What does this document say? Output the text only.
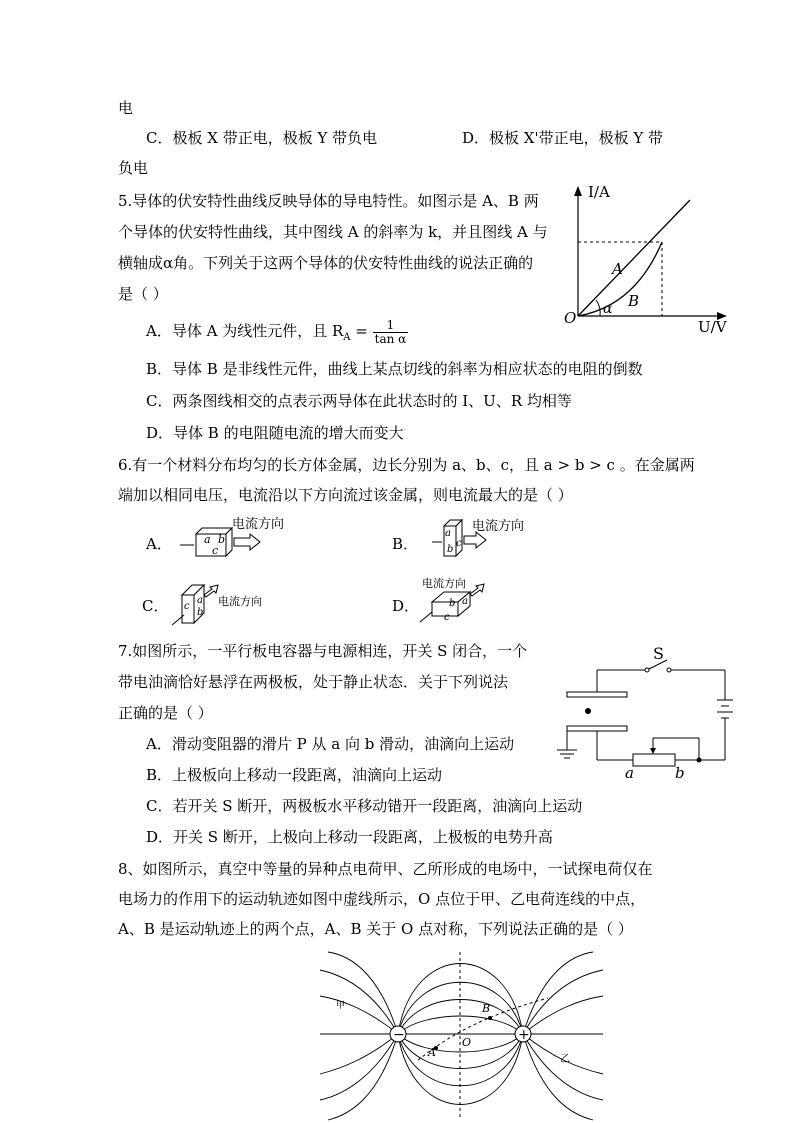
电
C．极板 X 带正电，极板 Y 带负电	D．极板 X'带正电，极板 Y 带
负电
5.导体的伏安特性曲线反映导体的导电特性。如图示是 A、B 两
个导体的伏安特性曲线，其中图线 A 的斜率为 k，并且图线 A 与
横轴成α角。下列关于这两个导体的伏安特性曲线的说法正确的
是（ ）
A．导体 A 为线性元件，且 $R_A = \frac{1}{\text{tan α}}$
B．导体 B 是非线性元件，曲线上某点切线的斜率为相应状态的电阻的倒数
C．两条图线相交的点表示两导体在此状态时的 I、U、R 均相等
D．导体 B 的电阻随电流的增大而变大
I/A
U/V
O
A
B
α
6.有一个材料分布均匀的长方体金属，边长分别为 a、b、c，且 a > b > c 。在金属两
端加以相同电压，电流沿以下方向流过该金属，则电流最大的是（ ）
A．	B．
C．	D．
a b
c
电流方向
a
b
c
电流方向
c
a
b
电流方向	b a
c
电流方向
7.如图所示，一平行板电容器与电源相连，开关 S 闭合，一个
带电油滴恰好悬浮在两极板，处于静止状态．关于下列说法
正确的是（ ）
A．滑动变阻器的滑片 P 从 a 向 b 滑动，油滴向上运动
B．上极板向上移动一段距离，油滴向上运动
C．若开关 S 断开，两极板水平移动错开一段距离，油滴向上运动
D．开关 S 断开，上极向上移动一段距离，上极板的电势升高
S
a	b
8、如图所示，真空中等量的异种点电荷甲、乙所形成的电场中，一试探电荷仅在
电场力的作用下的运动轨迹如图中虚线所示，O 点位于甲、乙电荷连线的中点，
A、B 是运动轨迹上的两个点，A、B 关于 O 点对称，下列说法正确的是（ ）
−	+
O
A
B
甲
乙
